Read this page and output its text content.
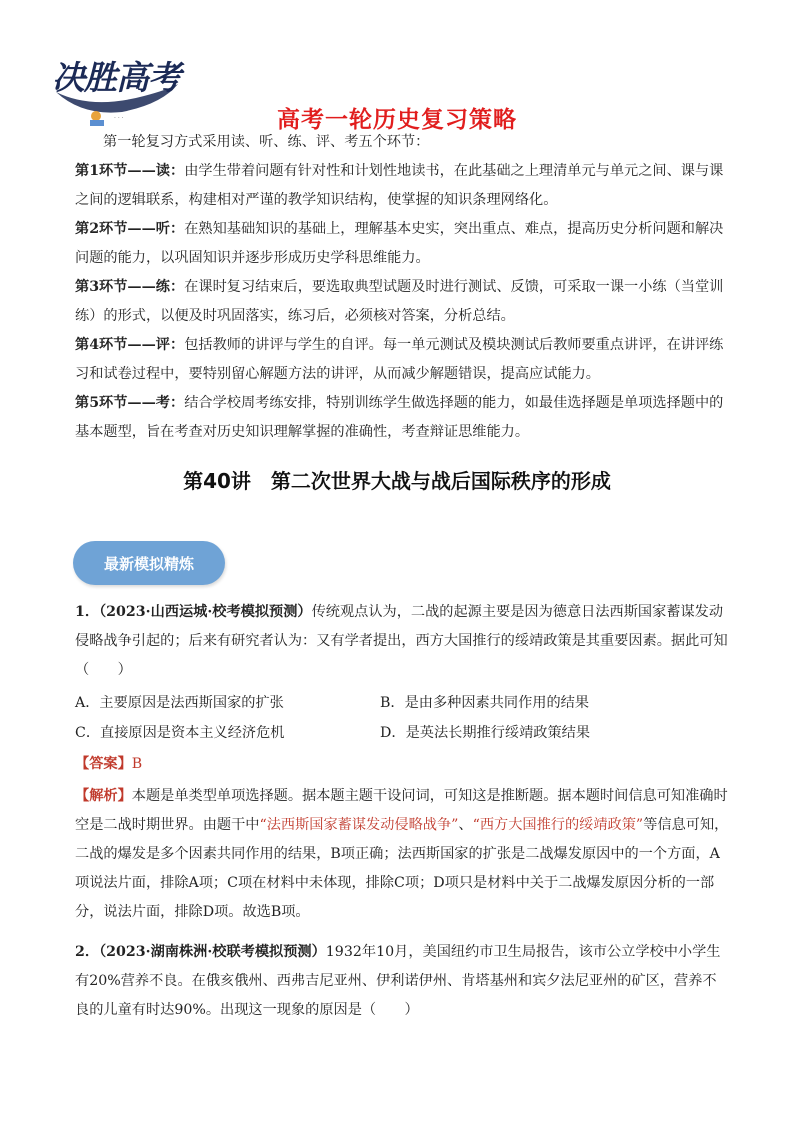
决胜高考
· · ·	高考一轮历史复习策略
第一轮复习方式采用读、听、练、评、考五个环节：
第1环节——读：由学生带着问题有针对性和计划性地读书，在此基础之上理清单元与单元之间、课与课之间的逻辑联系，构建相对严谨的教学知识结构，使掌握的知识条理网络化。
第2环节——听：在熟知基础知识的基础上，理解基本史实，突出重点、难点，提高历史分析问题和解决问题的能力，以巩固知识并逐步形成历史学科思维能力。
第3环节——练：在课时复习结束后，要选取典型试题及时进行测试、反馈，可采取一课一小练（当堂训练）的形式，以便及时巩固落实，练习后，必须核对答案，分析总结。
第4环节——评：包括教师的讲评与学生的自评。每一单元测试及模块测试后教师要重点讲评，在讲评练习和试卷过程中，要特别留心解题方法的讲评，从而减少解题错误，提高应试能力。
第5环节——考：结合学校周考练安排，特别训练学生做选择题的能力，如最佳选择题是单项选择题中的基本题型，旨在考查对历史知识理解掌握的准确性，考查辩证思维能力。
第40讲　第二次世界大战与战后国际秩序的形成
最新模拟精炼
1．（2023·山西运城·校考模拟预测）传统观点认为，二战的起源主要是因为德意日法西斯国家蓄谋发动侵略战争引起的；后来有研究者认为：又有学者提出，西方大国推行的绥靖政策是其重要因素。据此可知（　　）
A．主要原因是法西斯国家的扩张	B．是由多种因素共同作用的结果
C．直接原因是资本主义经济危机	D．是英法长期推行绥靖政策结果
【答案】B
【解析】本题是单类型单项选择题。据本题主题干设问词，可知这是推断题。据本题时间信息可知准确时空是二战时期世界。由题干中“法西斯国家蓄谋发动侵略战争”、“西方大国推行的绥靖政策”等信息可知，二战的爆发是多个因素共同作用的结果，B项正确；法西斯国家的扩张是二战爆发原因中的一个方面，A项说法片面，排除A项；C项在材料中未体现，排除C项；D项只是材料中关于二战爆发原因分析的一部分，说法片面，排除D项。故选B项。
2．（2023·湖南株洲·校联考模拟预测）1932年10月，美国纽约市卫生局报告，该市公立学校中小学生有20%营养不良。在俄亥俄州、西弗吉尼亚州、伊利诺伊州、肯塔基州和宾夕法尼亚州的矿区，营养不良的儿童有时达90%。出现这一现象的原因是（　　）
